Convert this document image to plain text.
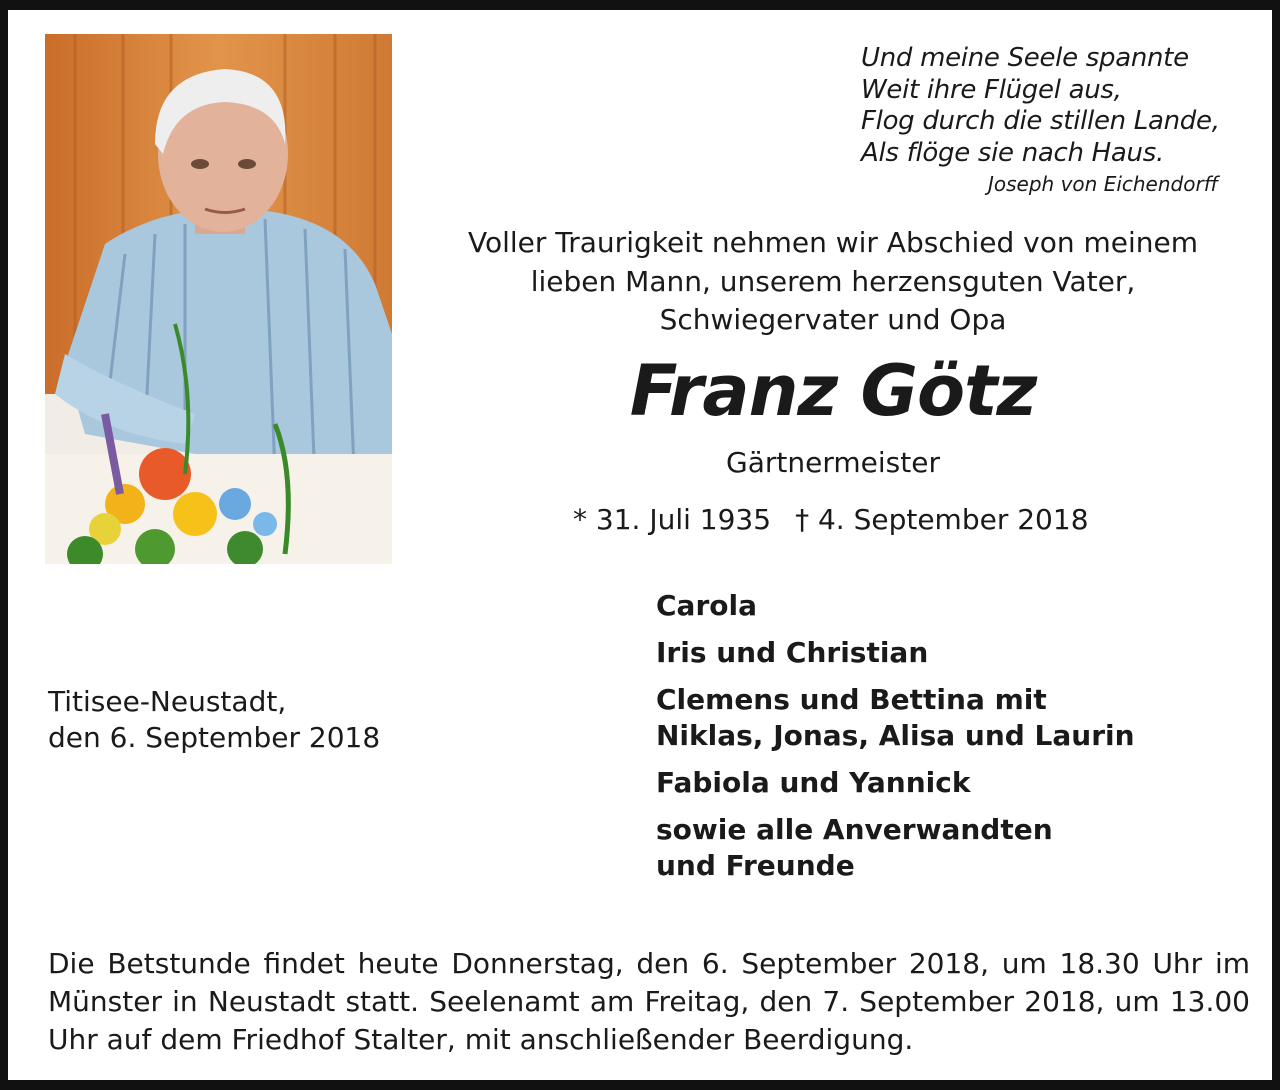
Und meine Seele spannte
Weit ihre Flügel aus,
Flog durch die stillen Lande,
Als flöge sie nach Haus.
Joseph von Eichendorff
Voller Traurigkeit nehmen wir Abschied von meinem
lieben Mann, unserem herzensguten Vater,
Schwiegervater und Opa
Franz Götz
Gärtnermeister
* 31. Juli 1935 † 4. September 2018
Titisee-Neustadt,
den 6. September 2018
Carola
Iris und Christian
Clemens und Bettina mit
Niklas, Jonas, Alisa und Laurin
Fabiola und Yannick
sowie alle Anverwandten
und Freunde
Die Betstunde findet heute Donnerstag, den 6. September 2018, um 18.30 Uhr im Münster in Neustadt statt. Seelenamt am Freitag, den 7. September 2018, um 13.00 Uhr auf dem Friedhof Stalter, mit anschließender Beerdigung.
